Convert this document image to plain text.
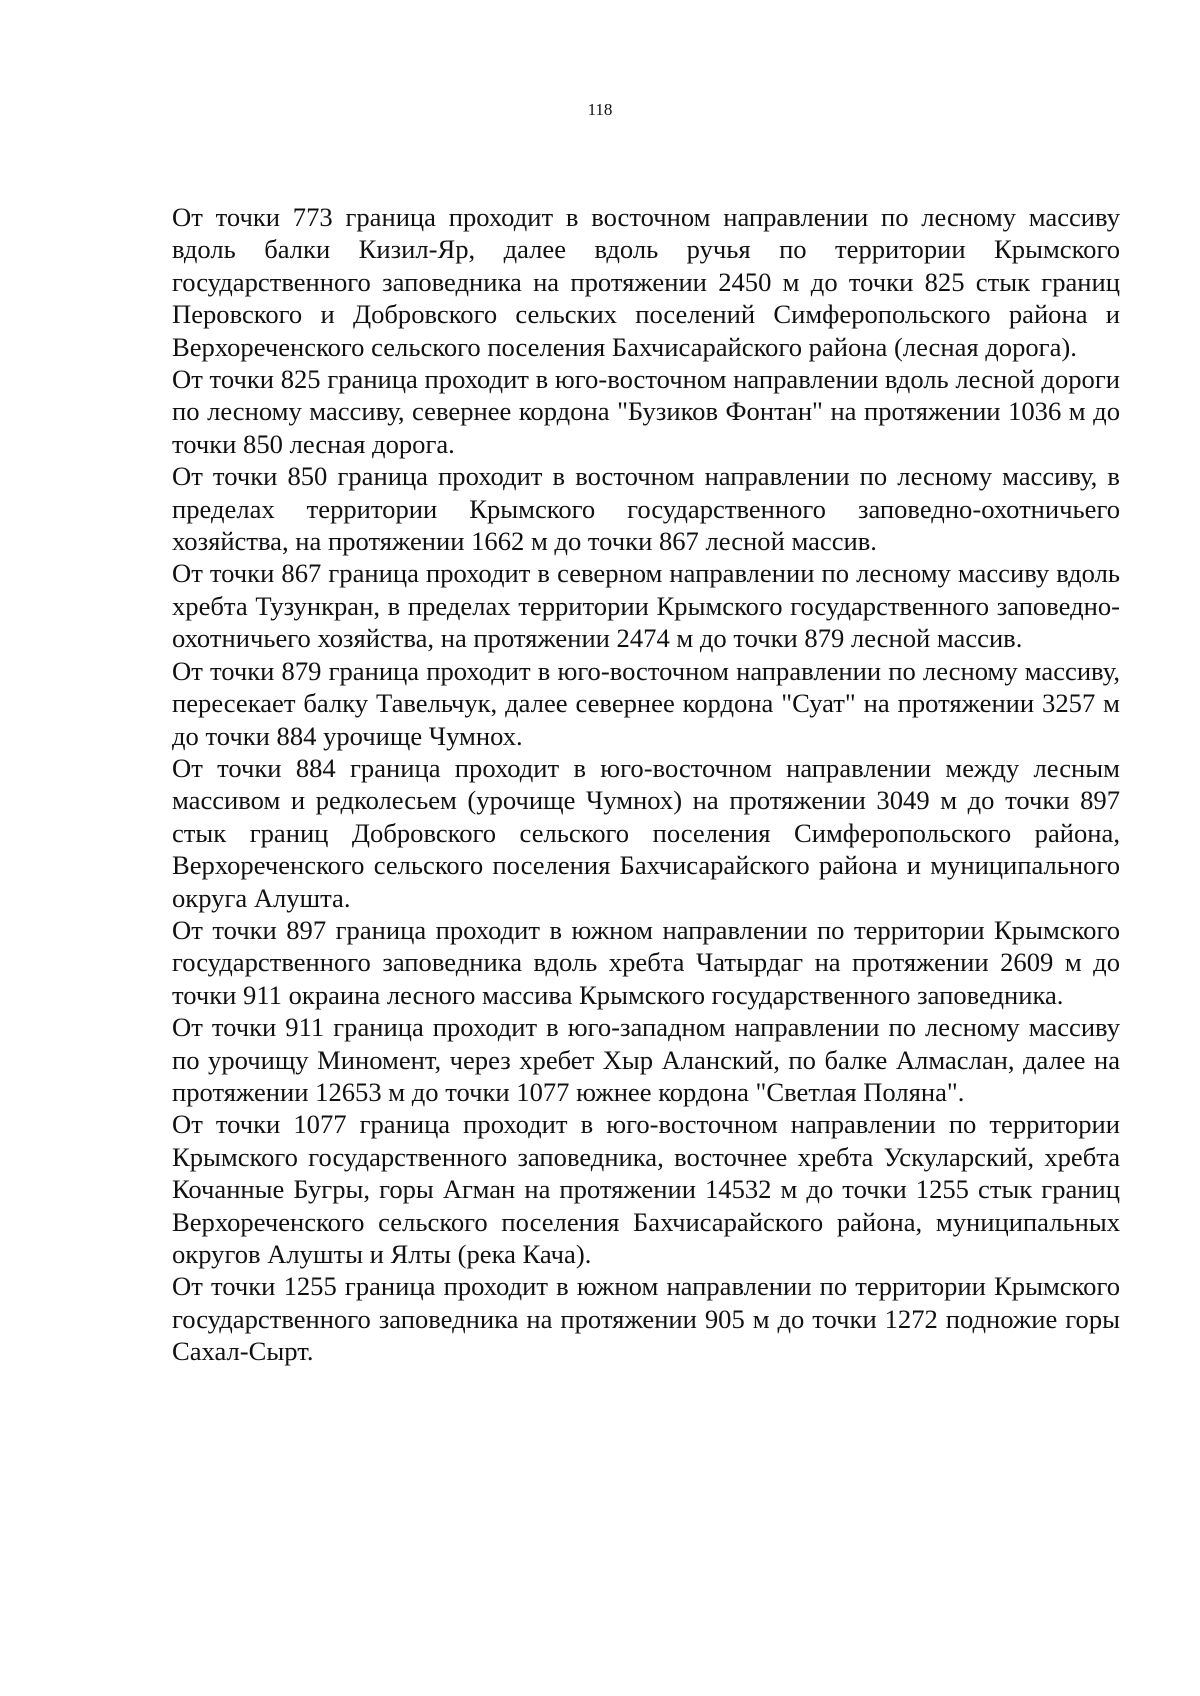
118

От точки 773 граница проходит в восточном направлении по лесному массиву вдоль балки Кизил-Яр, далее вдоль ручья по территории Крымского государственного заповедника на протяжении 2450 м до точки 825 стык границ Перовского и Добровского сельских поселений Симферопольского района и Верхореченского сельского поселения Бахчисарайского района (лесная дорога).

От точки 825 граница проходит в юго-восточном направлении вдоль лесной дороги по лесному массиву, севернее кордона "Бузиков Фонтан" на протяжении 1036 м до точки 850 лесная дорога.

От точки 850 граница проходит в восточном направлении по лесному массиву, в пределах территории Крымского государственного заповедно-охотничьего хозяйства, на протяжении 1662 м до точки 867 лесной массив.

От точки 867 граница проходит в северном направлении по лесному массиву вдоль хребта Тузункран, в пределах территории Крымского государственного заповедно-охотничьего хозяйства, на протяжении 2474 м до точки 879 лесной массив.

От точки 879 граница проходит в юго-восточном направлении по лесному массиву, пересекает балку Тавельчук, далее севернее кордона "Суат" на протяжении 3257 м до точки 884 урочище Чумнох.

От точки 884 граница проходит в юго-восточном направлении между лесным массивом и редколесьем (урочище Чумнох) на протяжении 3049 м до точки 897 стык границ Добровского сельского поселения Симферопольского района, Верхореченского сельского поселения Бахчисарайского района и муниципального округа Алушта.

От точки 897 граница проходит в южном направлении по территории Крымского государственного заповедника вдоль хребта Чатырдаг на протяжении 2609 м до точки 911 окраина лесного массива Крымского государственного заповедника.

От точки 911 граница проходит в юго-западном направлении по лесному массиву по урочищу Миномент, через хребет Хыр Аланский, по балке Алмаслан, далее на протяжении 12653 м до точки 1077 южнее кордона "Светлая Поляна".

От точки 1077 граница проходит в юго-восточном направлении по территории Крымского государственного заповедника, восточнее хребта Ускуларский, хребта Кочанные Бугры, горы Агман на протяжении 14532 м до точки 1255 стык границ Верхореченского сельского поселения Бахчисарайского района, муниципальных округов Алушты и Ялты (река Кача).

От точки 1255 граница проходит в южном направлении по территории Крымского государственного заповедника на протяжении 905 м до точки 1272 подножие горы Сахал-Сырт.
